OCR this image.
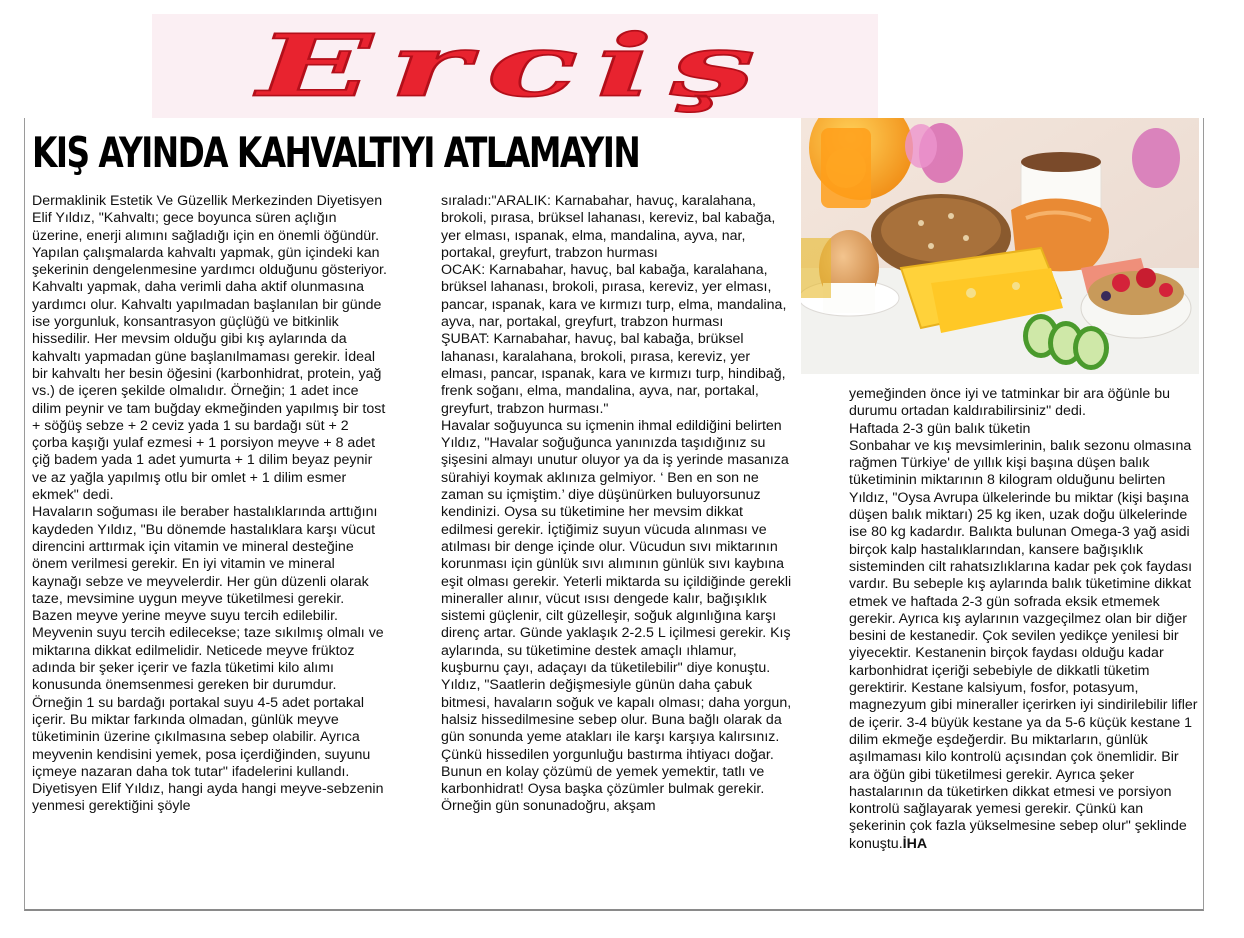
Erciş
KIŞ AYINDA KAHVALTIYI ATLAMAYIN

Dermaklinik Estetik Ve Güzellik Merkezinden Diyetisyen Elif Yıldız, "Kahvaltı; gece boyunca süren açlığın üzerine, enerji alımını sağladığı için en önemli öğündür. Yapılan çalışmalarda kahvaltı yapmak, gün içindeki kan şekerinin dengelenmesine yardımcı olduğunu gösteriyor. Kahvaltı yapmak, daha verimli daha aktif olunmasına yardımcı olur. Kahvaltı yapılmadan başlanılan bir günde ise yorgunluk, konsantrasyon güçlüğü ve bitkinlik hissedilir. Her mevsim olduğu gibi kış aylarında da kahvaltı yapmadan güne başlanılmaması gerekir. İdeal bir kahvaltı her besin öğesini (karbonhidrat, protein, yağ vs.) de içeren şekilde olmalıdır. Örneğin; 1 adet ince dilim peynir ve tam buğday ekmeğinden yapılmış bir tost + söğüş sebze + 2 ceviz yada 1 su bardağı süt + 2 çorba kaşığı yulaf ezmesi + 1 porsiyon meyve + 8 adet çiğ badem yada 1 adet yumurta + 1 dilim beyaz peynir ve az yağla yapılmış otlu bir omlet + 1 dilim esmer ekmek" dedi.

Havaların soğuması ile beraber hastalıklarında arttığını kaydeden Yıldız, "Bu dönemde hastalıklara karşı vücut direncini arttırmak için vitamin ve mineral desteğine önem verilmesi gerekir. En iyi vitamin ve mineral kaynağı sebze ve meyvelerdir. Her gün düzenli olarak taze, mevsimine uygun meyve tüketilmesi gerekir. Bazen meyve yerine meyve suyu tercih edilebilir. Meyvenin suyu tercih edilecekse; taze sıkılmış olmalı ve miktarına dikkat edilmelidir. Neticede meyve früktoz adında bir şeker içerir ve fazla tüketimi kilo alımı konusunda önemsenmesi gereken bir durumdur. Örneğin 1 su bardağı portakal suyu 4-5 adet portakal içerir. Bu miktar farkında olmadan, günlük meyve tüketiminin üzerine çıkılmasına sebep olabilir. Ayrıca meyvenin kendisini yemek, posa içerdiğinden, suyunu içmeye nazaran daha tok tutar" ifadelerini kullandı.

Diyetisyen Elif Yıldız, hangi ayda hangi meyve-sebzenin yenmesi gerektiğini şöyle

sıraladı:"ARALIK: Karnabahar, havuç, karalahana, brokoli, pırasa, brüksel lahanası, kereviz, bal kabağa, yer elması, ıspanak, elma, mandalina, ayva, nar, portakal, greyfurt, trabzon hurması

OCAK: Karnabahar, havuç, bal kabağa, karalahana, brüksel lahanası, brokoli, pırasa, kereviz, yer elması, pancar, ıspanak, kara ve kırmızı turp, elma, mandalina, ayva, nar, portakal, greyfurt, trabzon hurması

ŞUBAT: Karnabahar, havuç, bal kabağa, brüksel lahanası, karalahana, brokoli, pırasa, kereviz, yer elması, pancar, ıspanak, kara ve kırmızı turp, hindibağ, frenk soğanı, elma, mandalina, ayva, nar, portakal, greyfurt, trabzon hurması."

Havalar soğuyunca su içmenin ihmal edildiğini belirten Yıldız, "Havalar soğuğunca yanınızda taşıdığınız su şişesini almayı unutur oluyor ya da iş yerinde masanıza sürahiyi koymak aklınıza gelmiyor. ‘ Ben en son ne zaman su içmiştim.’ diye düşünürken buluyorsunuz kendinizi. Oysa su tüketimine her mevsim dikkat edilmesi gerekir. İçtiğimiz suyun vücuda alınması ve atılması bir denge içinde olur. Vücudun sıvı miktarının korunması için günlük sıvı alımının günlük sıvı kaybına eşit olması gerekir. Yeterli miktarda su içildiğinde gerekli mineraller alınır, vücut ısısı dengede kalır, bağışıklık sistemi güçlenir, cilt güzelleşir, soğuk algınlığına karşı direnç artar. Günde yaklaşık 2-2.5 L içilmesi gerekir. Kış aylarında, su tüketimine destek amaçlı ıhlamur, kuşburnu çayı, adaçayı da tüketilebilir" diye konuştu.

Yıldız, "Saatlerin değişmesiyle günün daha çabuk bitmesi, havaların soğuk ve kapalı olması; daha yorgun, halsiz hissedilmesine sebep olur. Buna bağlı olarak da gün sonunda yeme atakları ile karşı karşıya kalırsınız. Çünkü hissedilen yorgunluğu bastırma ihtiyacı doğar. Bunun en kolay çözümü de yemek yemektir, tatlı ve karbonhidrat! Oysa başka çözümler bulmak gerekir. Örneğin gün sonunadoğru, akşam

yemeğinden önce iyi ve tatminkar bir ara öğünle bu durumu ortadan kaldırabilirsiniz" dedi.

Haftada 2-3 gün balık tüketin

Sonbahar ve kış mevsimlerinin, balık sezonu olmasına rağmen Türkiye' de yıllık kişi başına düşen balık tüketiminin miktarının 8 kilogram olduğunu belirten Yıldız, "Oysa Avrupa ülkelerinde bu miktar (kişi başına düşen balık miktarı) 25 kg iken, uzak doğu ülkelerinde ise 80 kg kadardır. Balıkta bulunan Omega-3 yağ asidi birçok kalp hastalıklarından, kansere bağışıklık sisteminden cilt rahatsızlıklarına kadar pek çok faydası vardır. Bu sebeple kış aylarında balık tüketimine dikkat etmek ve haftada 2-3 gün sofrada eksik etmemek gerekir. Ayrıca kış aylarının vazgeçilmez olan bir diğer besini de kestanedir. Çok sevilen yedikçe yenilesi bir yiyecektir. Kestanenin birçok faydası olduğu kadar karbonhidrat içeriği sebebiyle de dikkatli tüketim gerektirir. Kestane kalsiyum, fosfor, potasyum, magnezyum gibi mineraller içerirken iyi sindirilebilir lifler de içerir. 3-4 büyük kestane ya da 5-6 küçük kestane 1 dilim ekmeğe eşdeğerdir. Bu miktarların, günlük aşılmaması kilo kontrolü açısından çok önemlidir. Bir ara öğün gibi tüketilmesi gerekir. Ayrıca şeker hastalarının da tüketirken dikkat etmesi ve porsiyon kontrolü sağlayarak yemesi gerekir. Çünkü kan şekerinin çok fazla yükselmesine sebep olur" şeklinde konuştu.İHA
